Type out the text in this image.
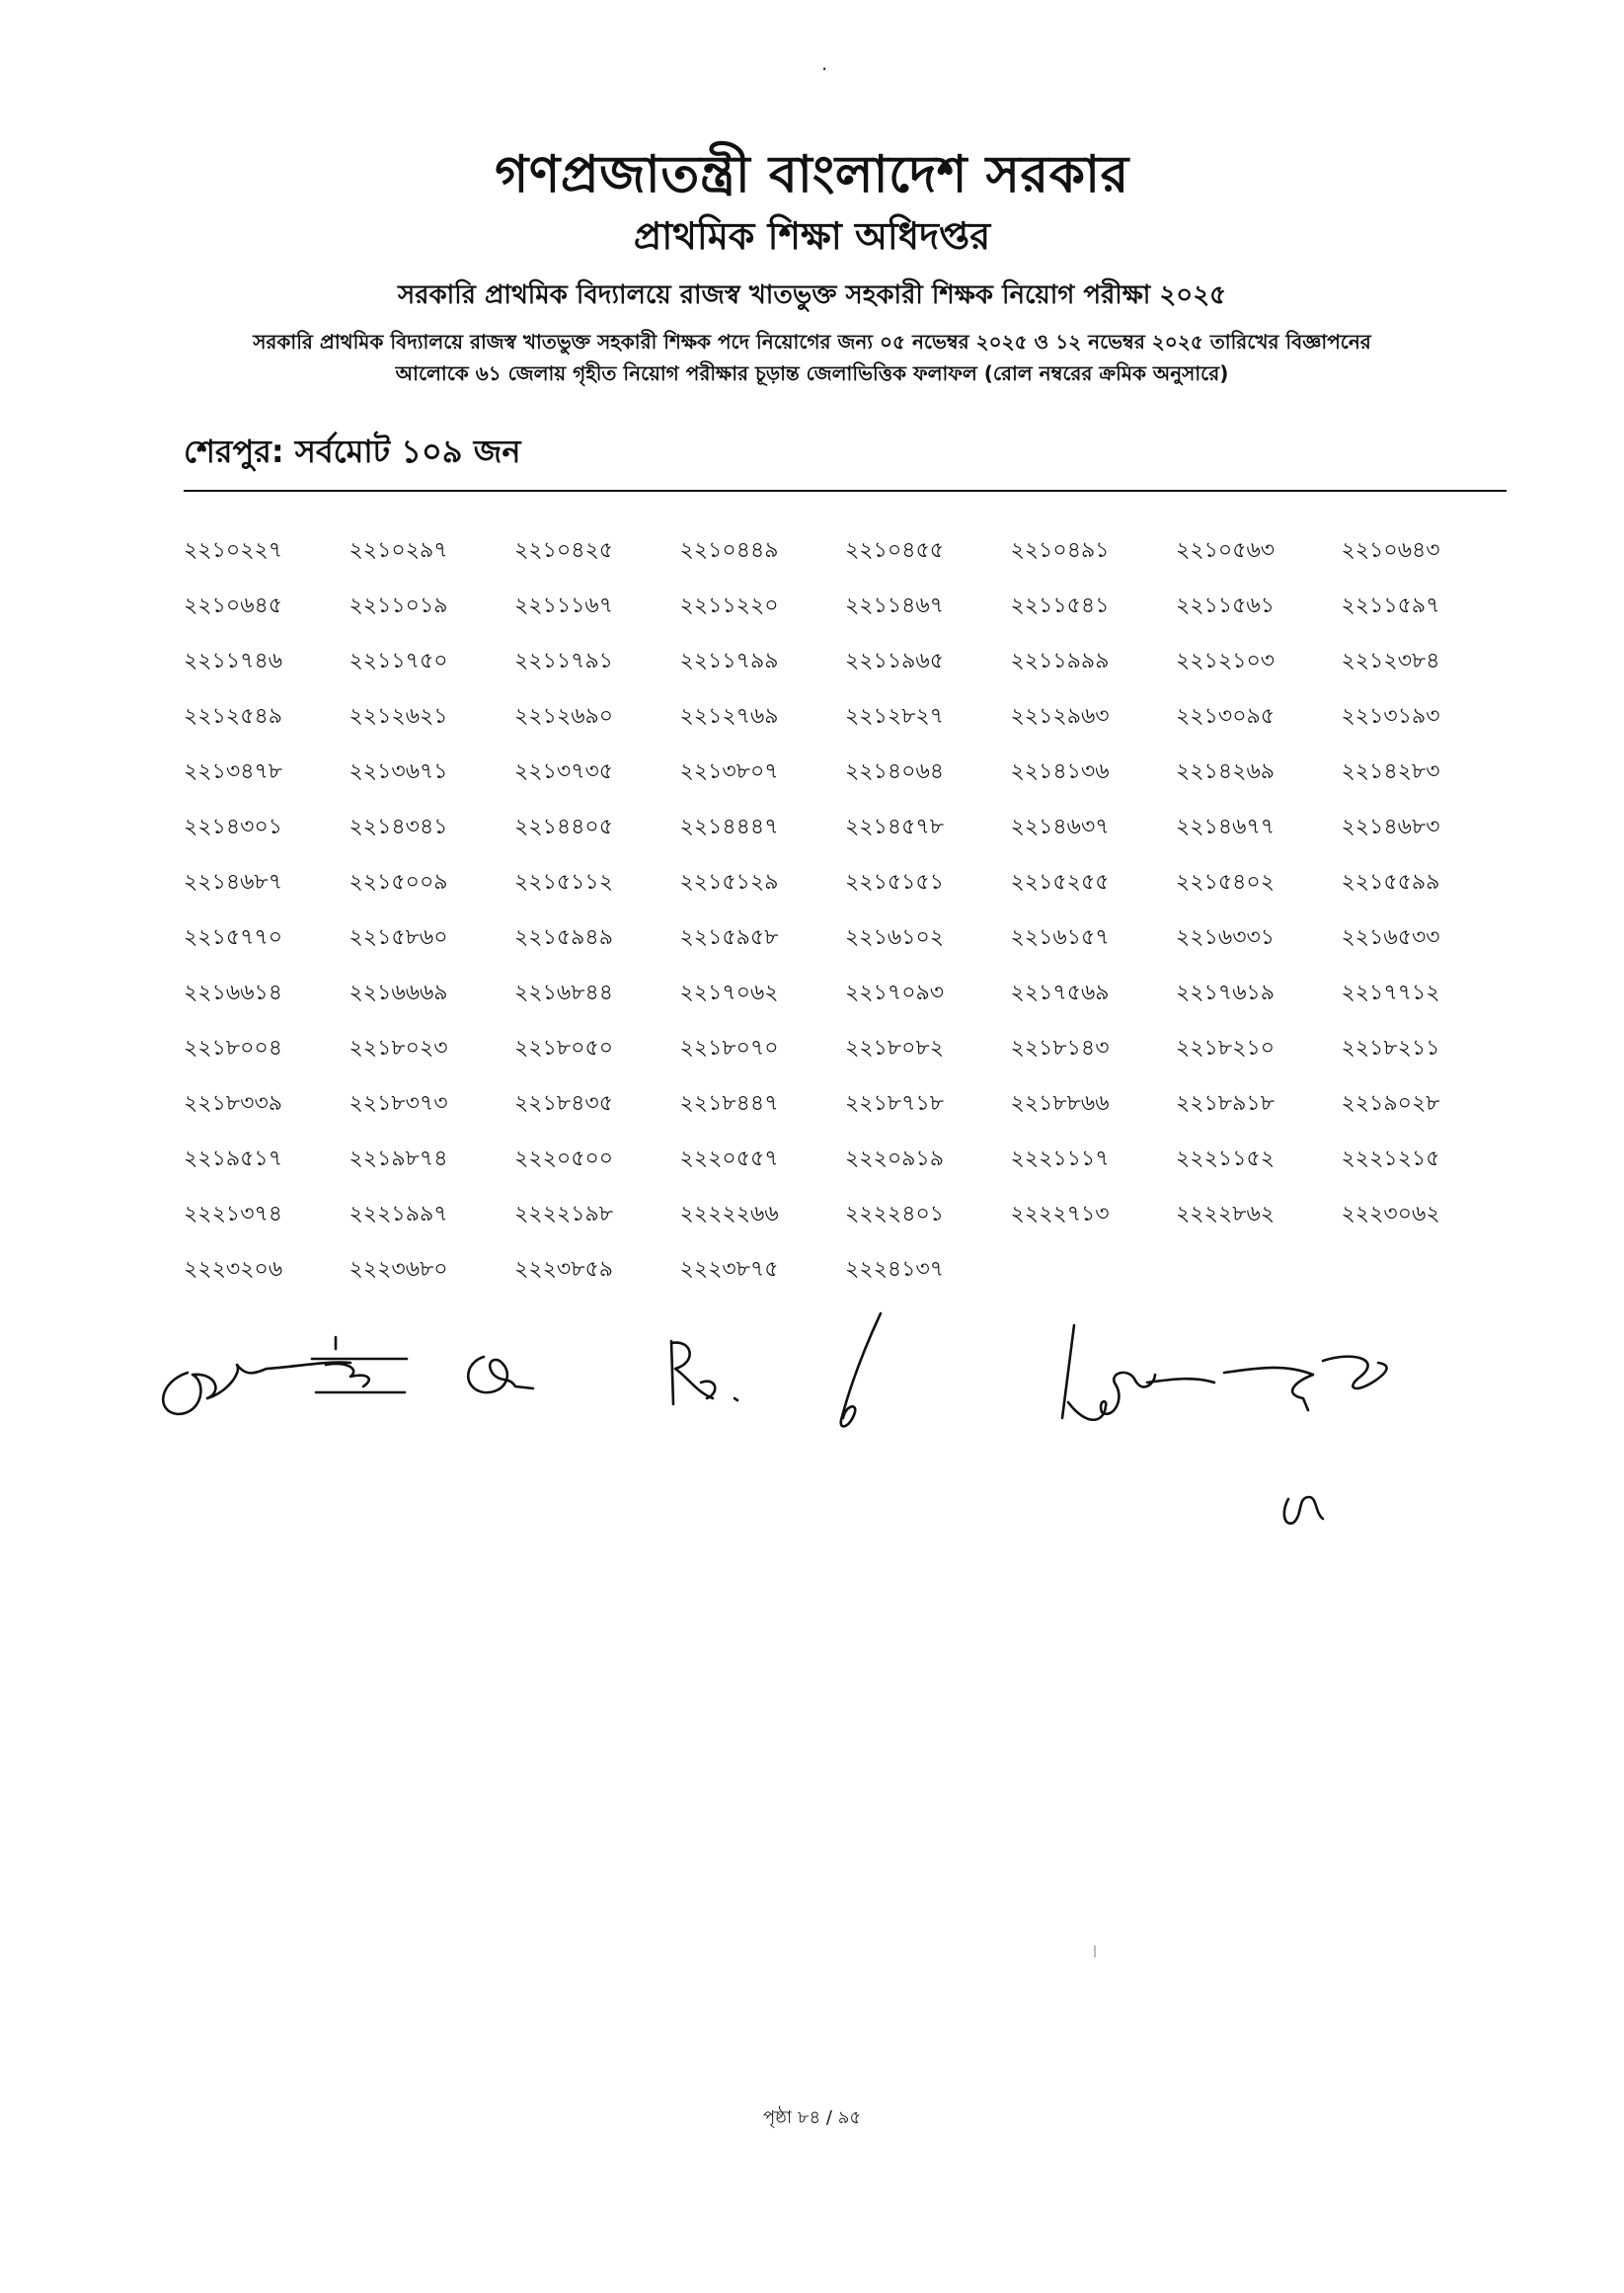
.
গণপ্রজাতন্ত্রী বাংলাদেশ সরকার
প্রাথমিক শিক্ষা অধিদপ্তর
সরকারি প্রাথমিক বিদ্যালয়ে রাজস্ব খাতভুক্ত সহকারী শিক্ষক নিয়োগ পরীক্ষা ২০২৫
সরকারি প্রাথমিক বিদ্যালয়ে রাজস্ব খাতভুক্ত সহকারী শিক্ষক পদে নিয়োগের জন্য ০৫ নভেম্বর ২০২৫ ও ১২ নভেম্বর ২০২৫ তারিখের বিজ্ঞাপনের
আলোকে ৬১ জেলায় গৃহীত নিয়োগ পরীক্ষার চূড়ান্ত জেলাভিত্তিক ফলাফল (রোল নম্বরের ক্রমিক অনুসারে)
শেরপুর: সর্বমোট ১০৯ জন
২২১০২২৭	২২১০২৯৭	২২১০৪২৫	২২১০৪৪৯	২২১০৪৫৫	২২১০৪৯১	২২১০৫৬৩	২২১০৬৪৩
২২১০৬৪৫	২২১১০১৯	২২১১১৬৭	২২১১২২০	২২১১৪৬৭	২২১১৫৪১	২২১১৫৬১	২২১১৫৯৭
২২১১৭৪৬	২২১১৭৫০	২২১১৭৯১	২২১১৭৯৯	২২১১৯৬৫	২২১১৯৯৯	২২১২১০৩	২২১২৩৮৪
২২১২৫৪৯	২২১২৬২১	২২১২৬৯০	২২১২৭৬৯	২২১২৮২৭	২২১২৯৬৩	২২১৩০৯৫	২২১৩১৯৩
২২১৩৪৭৮	২২১৩৬৭১	২২১৩৭৩৫	২২১৩৮০৭	২২১৪০৬৪	২২১৪১৩৬	২২১৪২৬৯	২২১৪২৮৩
২২১৪৩০১	২২১৪৩৪১	২২১৪৪০৫	২২১৪৪৪৭	২২১৪৫৭৮	২২১৪৬৩৭	২২১৪৬৭৭	২২১৪৬৮৩
২২১৪৬৮৭	২২১৫০০৯	২২১৫১১২	২২১৫১২৯	২২১৫১৫১	২২১৫২৫৫	২২১৫৪০২	২২১৫৫৯৯
২২১৫৭৭০	২২১৫৮৬০	২২১৫৯৪৯	২২১৫৯৫৮	২২১৬১০২	২২১৬১৫৭	২২১৬৩৩১	২২১৬৫৩৩
২২১৬৬১৪	২২১৬৬৬৯	২২১৬৮৪৪	২২১৭০৬২	২২১৭০৯৩	২২১৭৫৬৯	২২১৭৬১৯	২২১৭৭১২
২২১৮০০৪	২২১৮০২৩	২২১৮০৫০	২২১৮০৭০	২২১৮০৮২	২২১৮১৪৩	২২১৮২১০	২২১৮২১১
২২১৮৩৩৯	২২১৮৩৭৩	২২১৮৪৩৫	২২১৮৪৪৭	২২১৮৭১৮	২২১৮৮৬৬	২২১৮৯১৮	২২১৯০২৮
২২১৯৫১৭	২২১৯৮৭৪	২২২০৫০০	২২২০৫৫৭	২২২০৯১৯	২২২১১১৭	২২২১১৫২	২২২১২১৫
২২২১৩৭৪	২২২১৯৯৭	২২২২১৯৮	২২২২২৬৬	২২২২৪০১	২২২২৭১৩	২২২২৮৬২	২২২৩০৬২
২২২৩২০৬	২২২৩৬৮০	২২২৩৮৫৯	২২২৩৮৭৫	২২২৪১৩৭
পৃষ্ঠা ৮৪ / ৯৫
